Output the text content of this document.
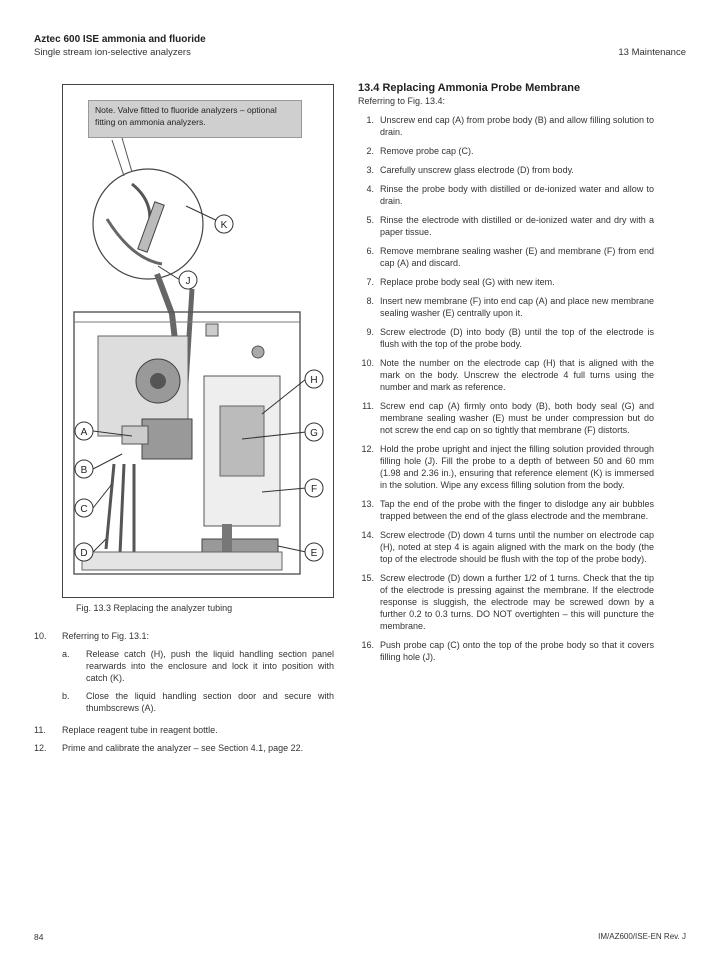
Aztec 600 ISE ammonia and fluoride
Single stream ion-selective analyzers	13 Maintenance
K
J
H
G
F
E
A
B
C
D
Note. Valve fitted to fluoride analyzers – optional fitting on ammonia analyzers.
Fig. 13.3 Replacing the analyzer tubing
10. Referring to Fig. 13.1:
a. Release catch (H), push the liquid handling section panel rearwards into the enclosure and lock it into position with catch (K).
b. Close the liquid handling section door and secure with thumbscrews (A).
11. Replace reagent tube in reagent bottle.
12. Prime and calibrate the analyzer – see Section 4.1, page 22.
13.4 Replacing Ammonia Probe Membrane
Referring to Fig. 13.4:
1. Unscrew end cap (A) from probe body (B) and allow filling solution to drain.
2. Remove probe cap (C).
3. Carefully unscrew glass electrode (D) from body.
4. Rinse the probe body with distilled or de-ionized water and allow to drain.
5. Rinse the electrode with distilled or de-ionized water and dry with a paper tissue.
6. Remove membrane sealing washer (E) and membrane (F) from end cap (A) and discard.
7. Replace probe body seal (G) with new item.
8. Insert new membrane (F) into end cap (A) and place new membrane sealing washer (E) centrally upon it.
9. Screw electrode (D) into body (B) until the top of the electrode is flush with the top of the probe body.
10. Note the number on the electrode cap (H) that is aligned with the mark on the body. Unscrew the electrode 4 full turns using the number and mark as reference.
11. Screw end cap (A) firmly onto body (B), both body seal (G) and membrane sealing washer (E) must be under compression but do not screw the end cap on so tightly that membrane (F) distorts.
12. Hold the probe upright and inject the filling solution provided through filling hole (J). Fill the probe to a depth of between 50 and 60 mm (1.98 and 2.36 in.), ensuring that reference element (K) is immersed in the solution. Wipe any excess filling solution from the body.
13. Tap the end of the probe with the finger to dislodge any air bubbles trapped between the end of the glass electrode and the membrane.
14. Screw electrode (D) down 4 turns until the number on electrode cap (H), noted at step 4 is again aligned with the mark on the body (the top of the electrode should be flush with the top of the probe body).
15. Screw electrode (D) down a further 1/2 of 1 turns. Check that the tip of the electrode is pressing against the membrane. If the electrode response is sluggish, the electrode may be screwed down by a further 0.2 to 0.3 turns. DO NOT overtighten – this will puncture the membrane.
16. Push probe cap (C) onto the top of the probe body so that it covers filling hole (J).
84	IM/AZ600/ISE-EN Rev. J
